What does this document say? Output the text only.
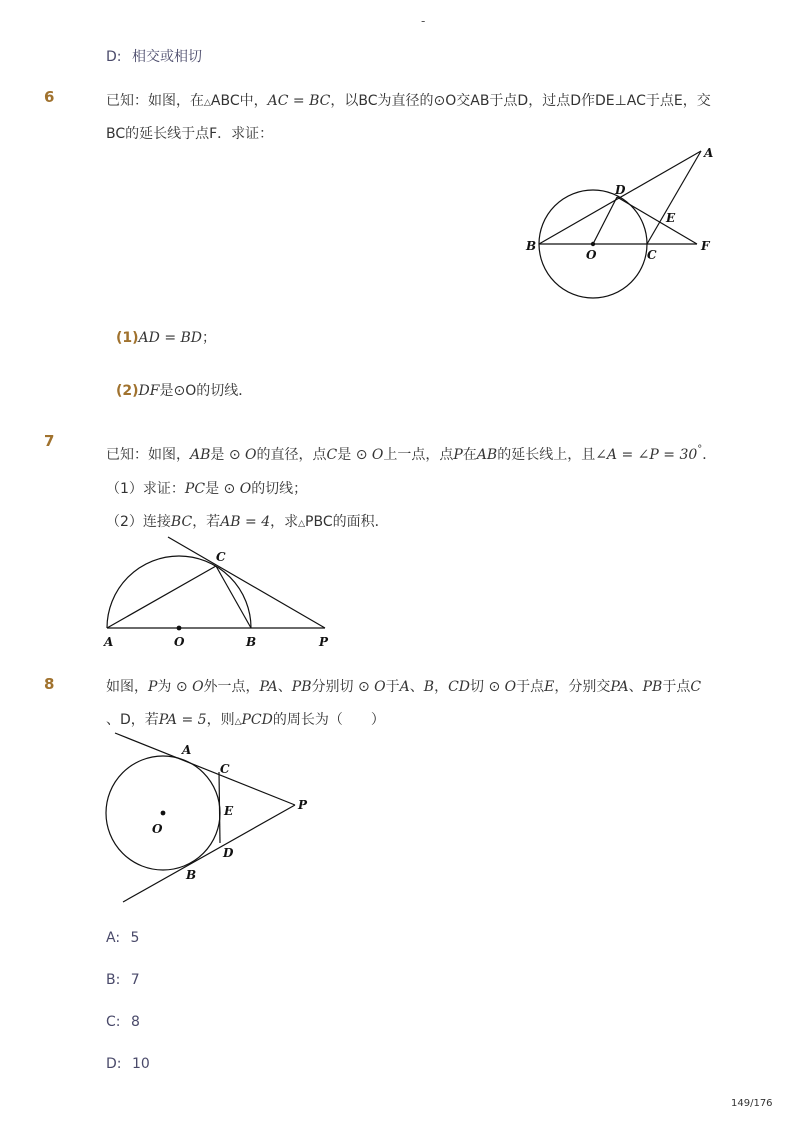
-
D: 相交或相切
6	已知：如图，在△ABC中，AC = BC，以BC为直径的⊙O交AB于点D，过点D作DE⊥AC于点E，交
BC的延长线于点F．求证：
A
D
E
B
O	C
F
(1)AD = BD；
(2)DF是⊙O的切线．
7
已知：如图，AB是 ⊙ O的直径，点C是 ⊙ O上一点，点P在AB的延长线上，且∠A = ∠P = 30°．
（1）求证：PC是 ⊙ O的切线；
（2）连接BC，若AB = 4，求△PBC的面积．
C
A	O	B	P
8	如图，P为 ⊙ O外一点，PA、PB分别切 ⊙ O于A、B，CD切 ⊙ O于点E，分别交PA、PB于点C
、D，若PA = 5，则△PCD的周长为（　　）
A
C
E	P
O
D
B
A: 5
B: 7
C: 8
D: 10
149/176
